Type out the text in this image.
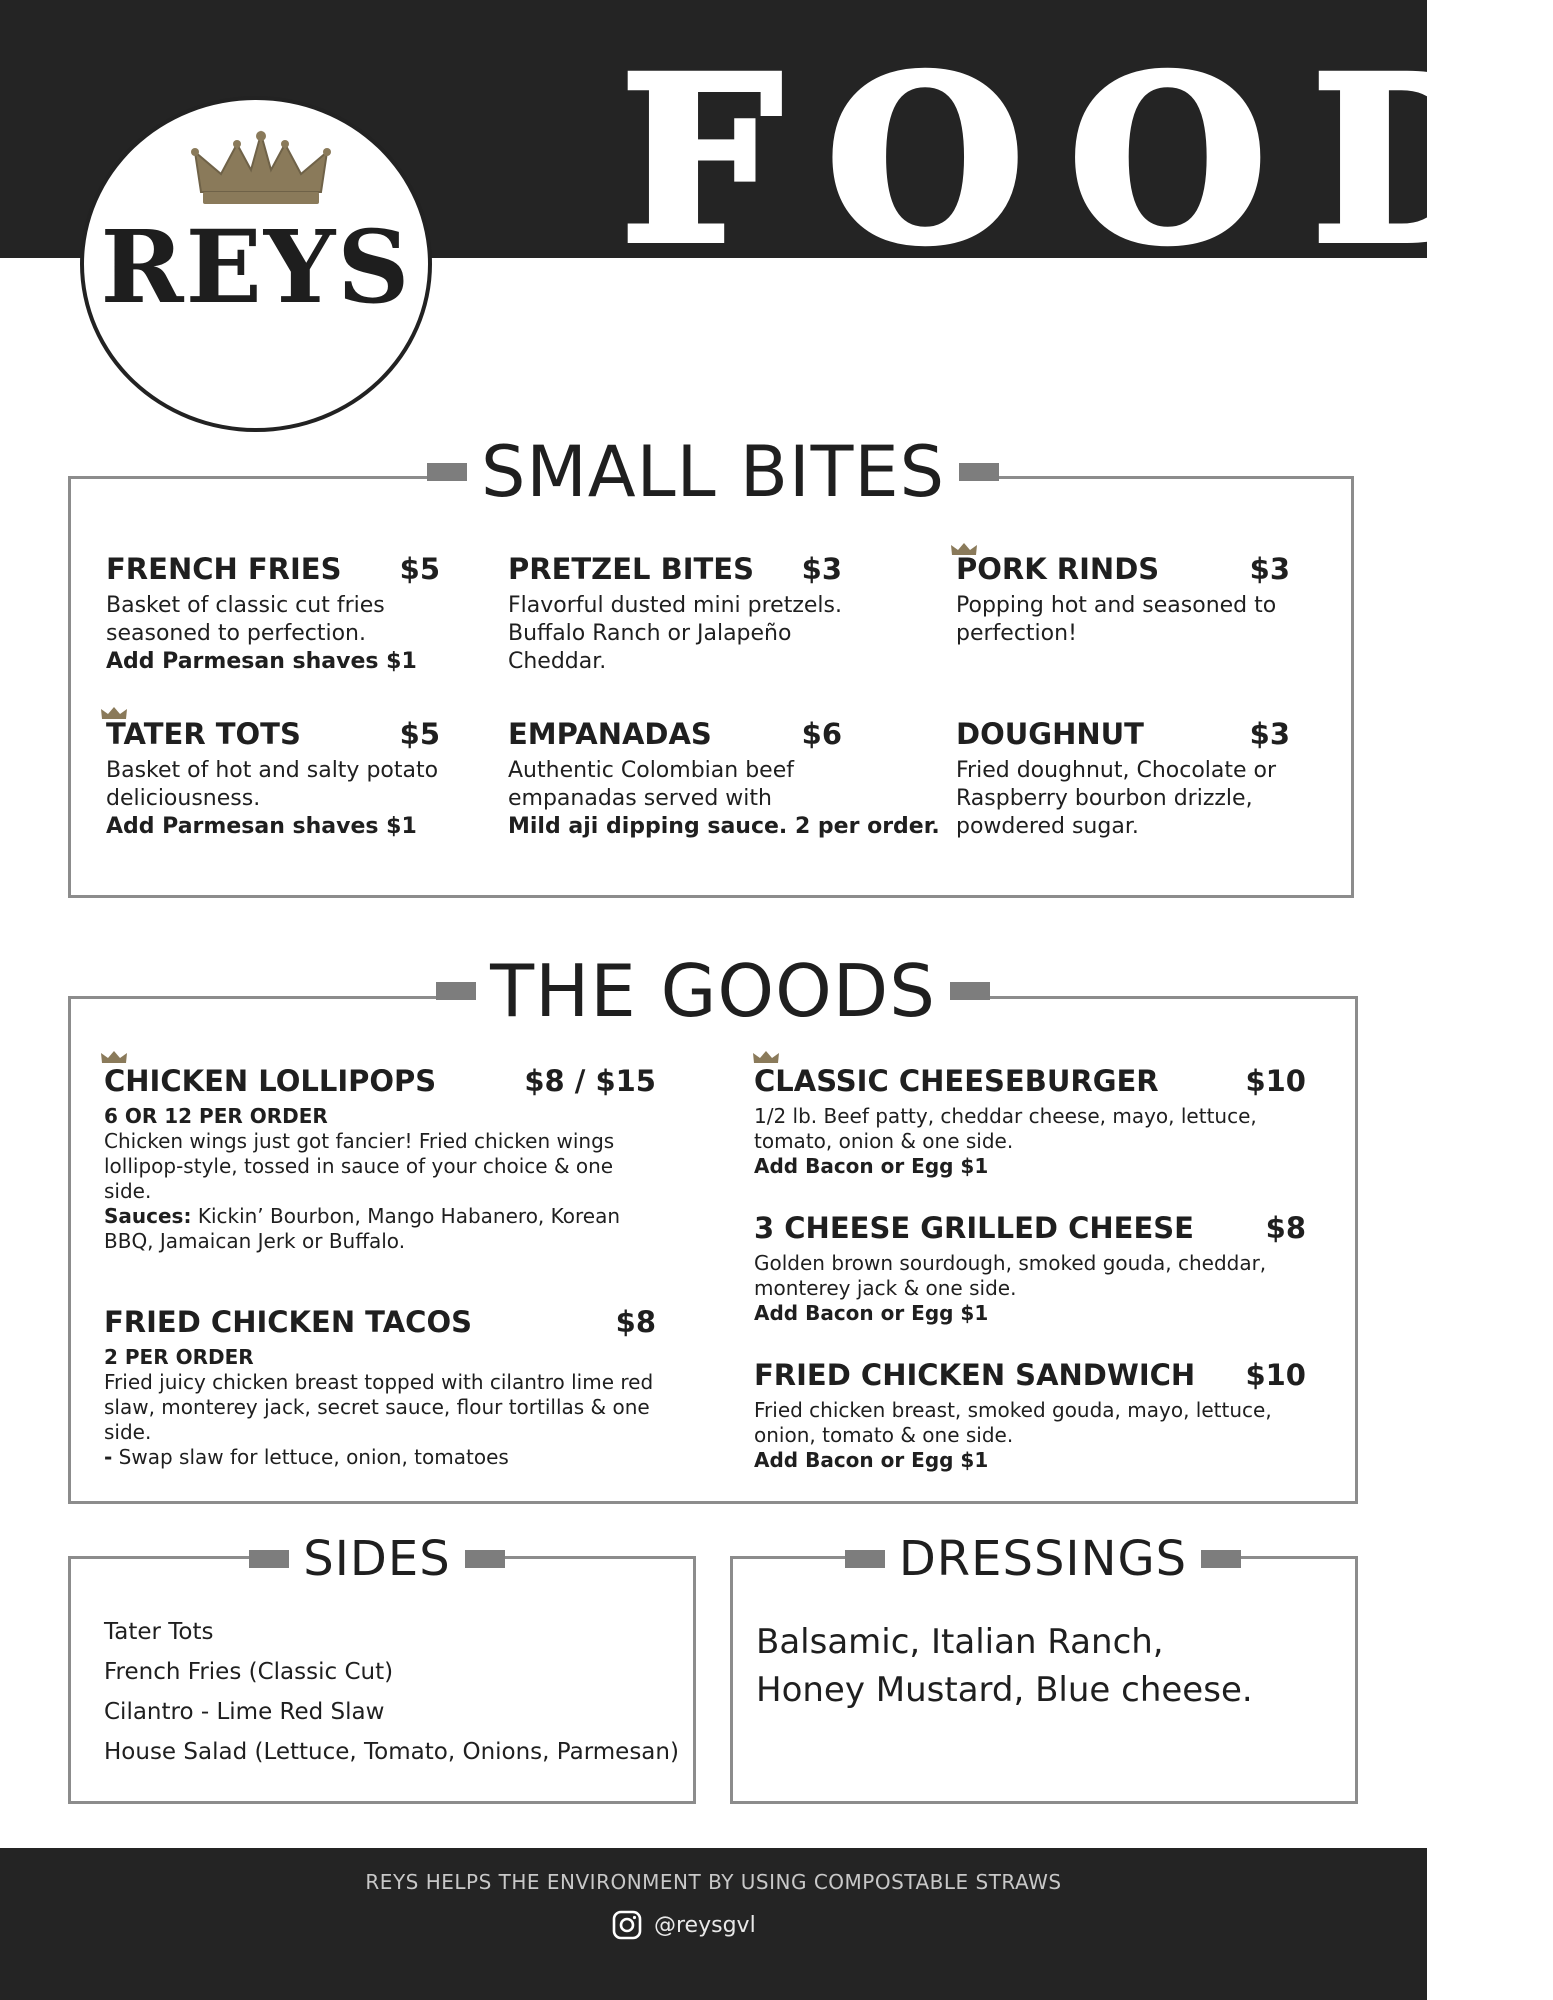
FOOD
REYS
SMALL BITES
FRENCH FRIES $5
Basket of classic cut fries seasoned to perfection.
Add Parmesan shaves $1
PRETZEL BITES $3
Flavorful dusted mini pretzels. Buffalo Ranch or Jalapeño Cheddar.
PORK RINDS	$3
Popping hot and seasoned to perfection!
TATER TOTS	$5
Basket of hot and salty potato deliciousness.
Add Parmesan shaves $1
EMPANADAS	$6
Authentic Colombian beef empanadas served with
Mild aji dipping sauce. 2 per order.
DOUGHNUT	$3
Fried doughnut, Chocolate or Raspberry bourbon drizzle, powdered sugar.
THE GOODS
CHICKEN LOLLIPOPS	$8 / $15
6 OR 12 PER ORDER
Chicken wings just got fancier! Fried chicken wings lollipop-style, tossed in sauce of your choice & one side.
Sauces: Kickin’ Bourbon, Mango Habanero, Korean BBQ, Jamaican Jerk or Buffalo.
FRIED CHICKEN TACOS	$8
2 PER ORDER
Fried juicy chicken breast topped with cilantro lime red slaw, monterey jack, secret sauce, flour tortillas & one side.
- Swap slaw for lettuce, onion, tomatoes
CLASSIC CHEESEBURGER	$10
1/2 lb. Beef patty, cheddar cheese, mayo, lettuce, tomato, onion & one side.
Add Bacon or Egg $1
3 CHEESE GRILLED CHEESE $8
Golden brown sourdough, smoked gouda, cheddar, monterey jack & one side.
Add Bacon or Egg $1
FRIED CHICKEN SANDWICH $10
Fried chicken breast, smoked gouda, mayo, lettuce, onion, tomato & one side.
Add Bacon or Egg $1
SIDES
Tater Tots
French Fries (Classic Cut)
Cilantro - Lime Red Slaw
House Salad (Lettuce, Tomato, Onions, Parmesan)
DRESSINGS
Balsamic, Italian Ranch,
Honey Mustard, Blue cheese.
REYS HELPS THE ENVIRONMENT BY USING COMPOSTABLE STRAWS
@reysgvl
